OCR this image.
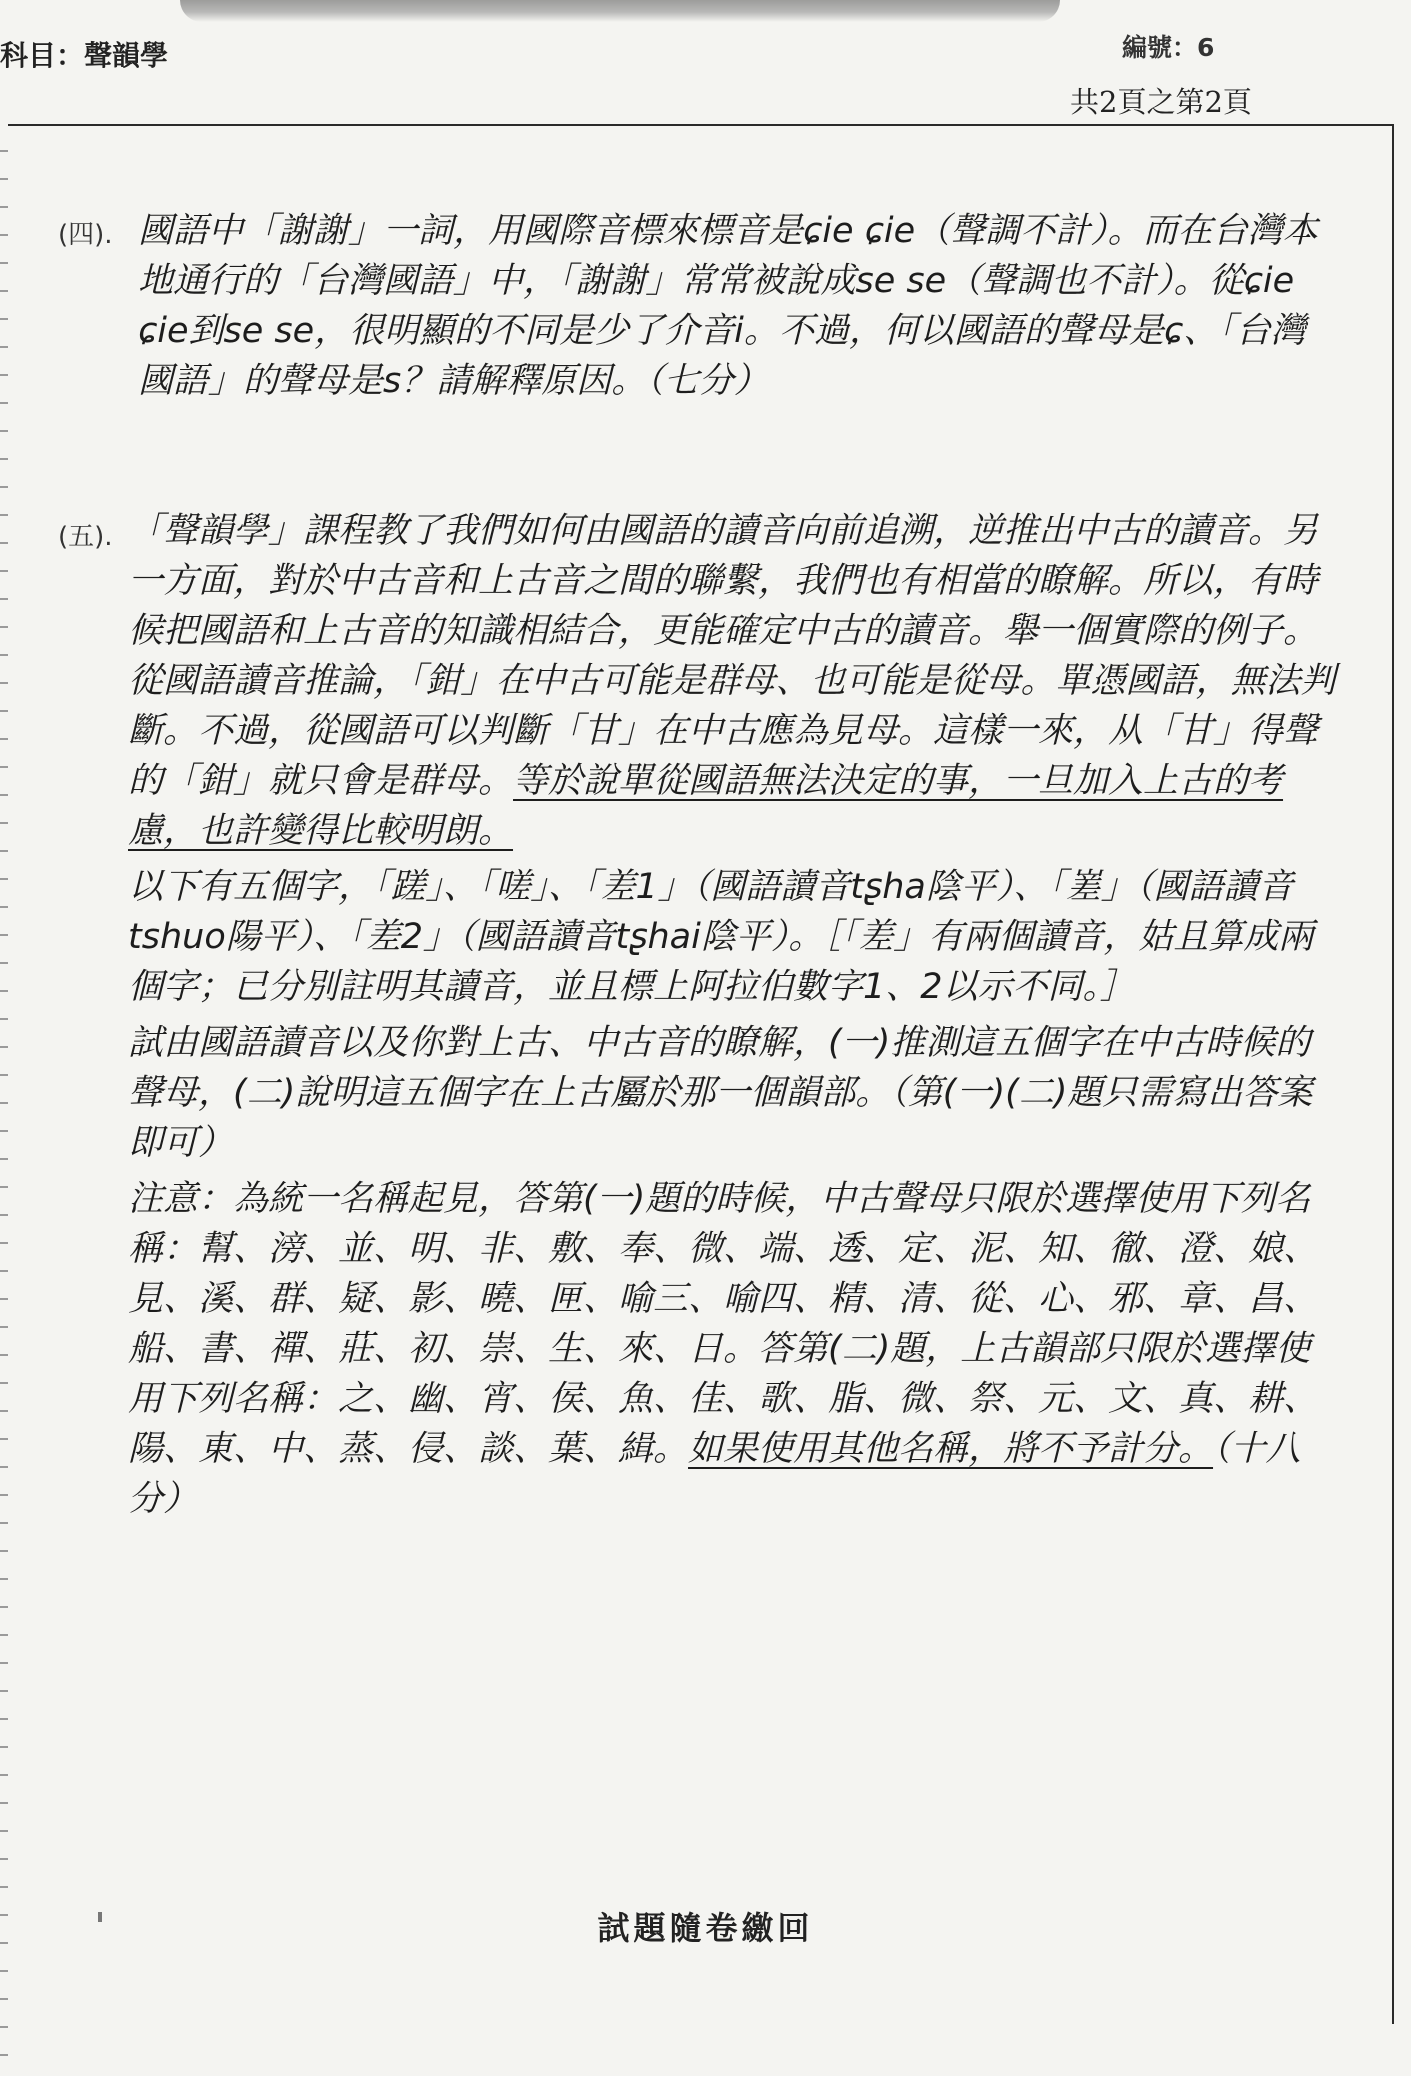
科目：聲韻學	編號：6
共2頁之第2頁
(四). 國語中「謝謝」一詞，用國際音標來標音是ɕie ɕie（聲調不計）。而在台灣本地通行的「台灣國語」中，「謝謝」常常被說成se se（聲調也不計）。從ɕie ɕie到se se，很明顯的不同是少了介音i。不過，何以國語的聲母是ɕ、「台灣國語」的聲母是s？請解釋原因。（七分）

(五). 「聲韻學」課程教了我們如何由國語的讀音向前追溯，逆推出中古的讀音。另一方面，對於中古音和上古音之間的聯繫，我們也有相當的瞭解。所以，有時候把國語和上古音的知識相結合，更能確定中古的讀音。舉一個實際的例子。從國語讀音推論，「鉗」在中古可能是群母、也可能是從母。單憑國語，無法判斷。不過，從國語可以判斷「甘」在中古應為見母。這樣一來，从「甘」得聲的「鉗」就只會是群母。等於說單從國語無法決定的事，一旦加入上古的考慮，也許變得比較明朗。

以下有五個字，「蹉」、「嗟」、「差1」（國語讀音tʂha陰平）、「嵳」（國語讀音tshuo陽平）、「差2」（國語讀音tʂhai陰平）。［「差」有兩個讀音，姑且算成兩個字；已分別註明其讀音，並且標上阿拉伯數字1、2以示不同。］

試由國語讀音以及你對上古、中古音的瞭解，(一)推測這五個字在中古時候的聲母，(二)說明這五個字在上古屬於那一個韻部。（第(一)(二)題只需寫出答案即可）

注意：為統一名稱起見，答第(一)題的時候，中古聲母只限於選擇使用下列名稱：幫、滂、並、明、非、敷、奉、微、端、透、定、泥、知、徹、澄、娘、見、溪、群、疑、影、曉、匣、喻三、喻四、精、清、從、心、邪、章、昌、船、書、禪、莊、初、崇、生、來、日。答第(二)題，上古韻部只限於選擇使用下列名稱：之、幽、宵、侯、魚、佳、歌、脂、微、祭、元、文、真、耕、陽、東、中、蒸、侵、談、葉、緝。如果使用其他名稱，將不予計分。（十八分）

試題隨卷繳回
